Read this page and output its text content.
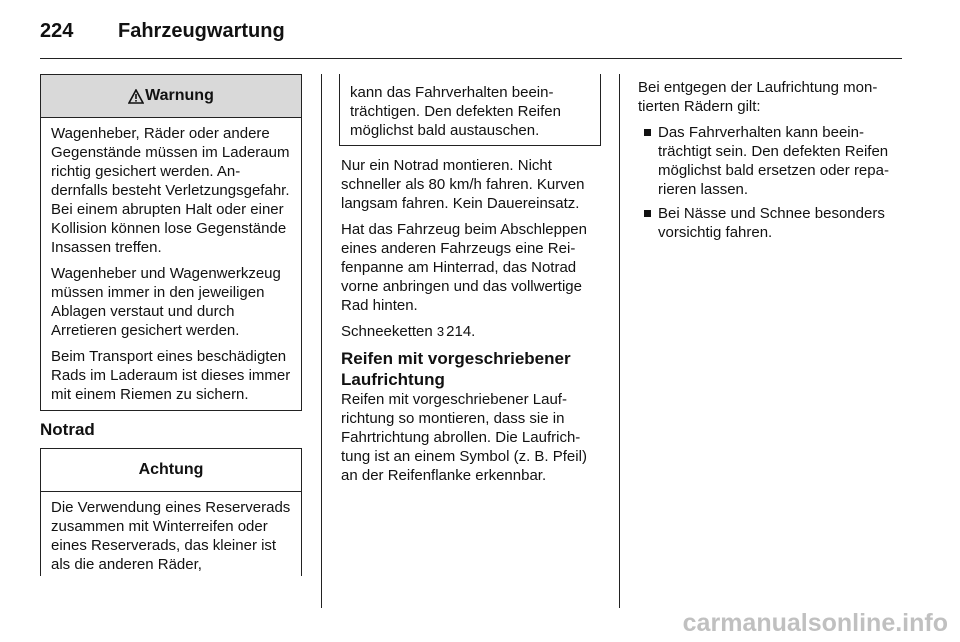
224 Fahrzeugwartung
Warnung

Wagenheber, Räder oder andere Gegenstände müssen im Laderaum richtig gesichert werden. Andernfalls besteht Verletzungsgefahr. Bei einem abrupten Halt oder einer Kollision können lose Gegenstände Insassen treffen.

Wagenheber und Wagenwerkzeug müssen immer in den jeweiligen Ablagen verstaut und durch Arretieren gesichert werden.

Beim Transport eines beschädigten Rads im Laderaum ist dieses immer mit einem Riemen zu sichern.

Notrad
Achtung

Die Verwendung eines Reserverads zusammen mit Winterreifen oder eines Reserverads, das kleiner ist als die anderen Räder,

kann das Fahrverhalten beeinträchtigen. Den defekten Reifen möglichst bald austauschen.

Nur ein Notrad montieren. Nicht schneller als 80 km/h fahren. Kurven langsam fahren. Kein Dauereinsatz.

Hat das Fahrzeug beim Abschleppen eines anderen Fahrzeugs eine Reifenpanne am Hinterrad, das Notrad vorne anbringen und das vollwertige Rad hinten.

Schneeketten 3 214.

Reifen mit vorgeschriebener Laufrichtung

Reifen mit vorgeschriebener Laufrichtung so montieren, dass sie in Fahrtrichtung abrollen. Die Laufrichtung ist an einem Symbol (z. B. Pfeil) an der Reifenflanke erkennbar.

Bei entgegen der Laufrichtung montierten Rädern gilt:

Das Fahrverhalten kann beeinträchtigt sein. Den defekten Reifen möglichst bald ersetzen oder reparieren lassen.
Bei Nässe und Schnee besonders vorsichtig fahren.
carmanualsonline.info
